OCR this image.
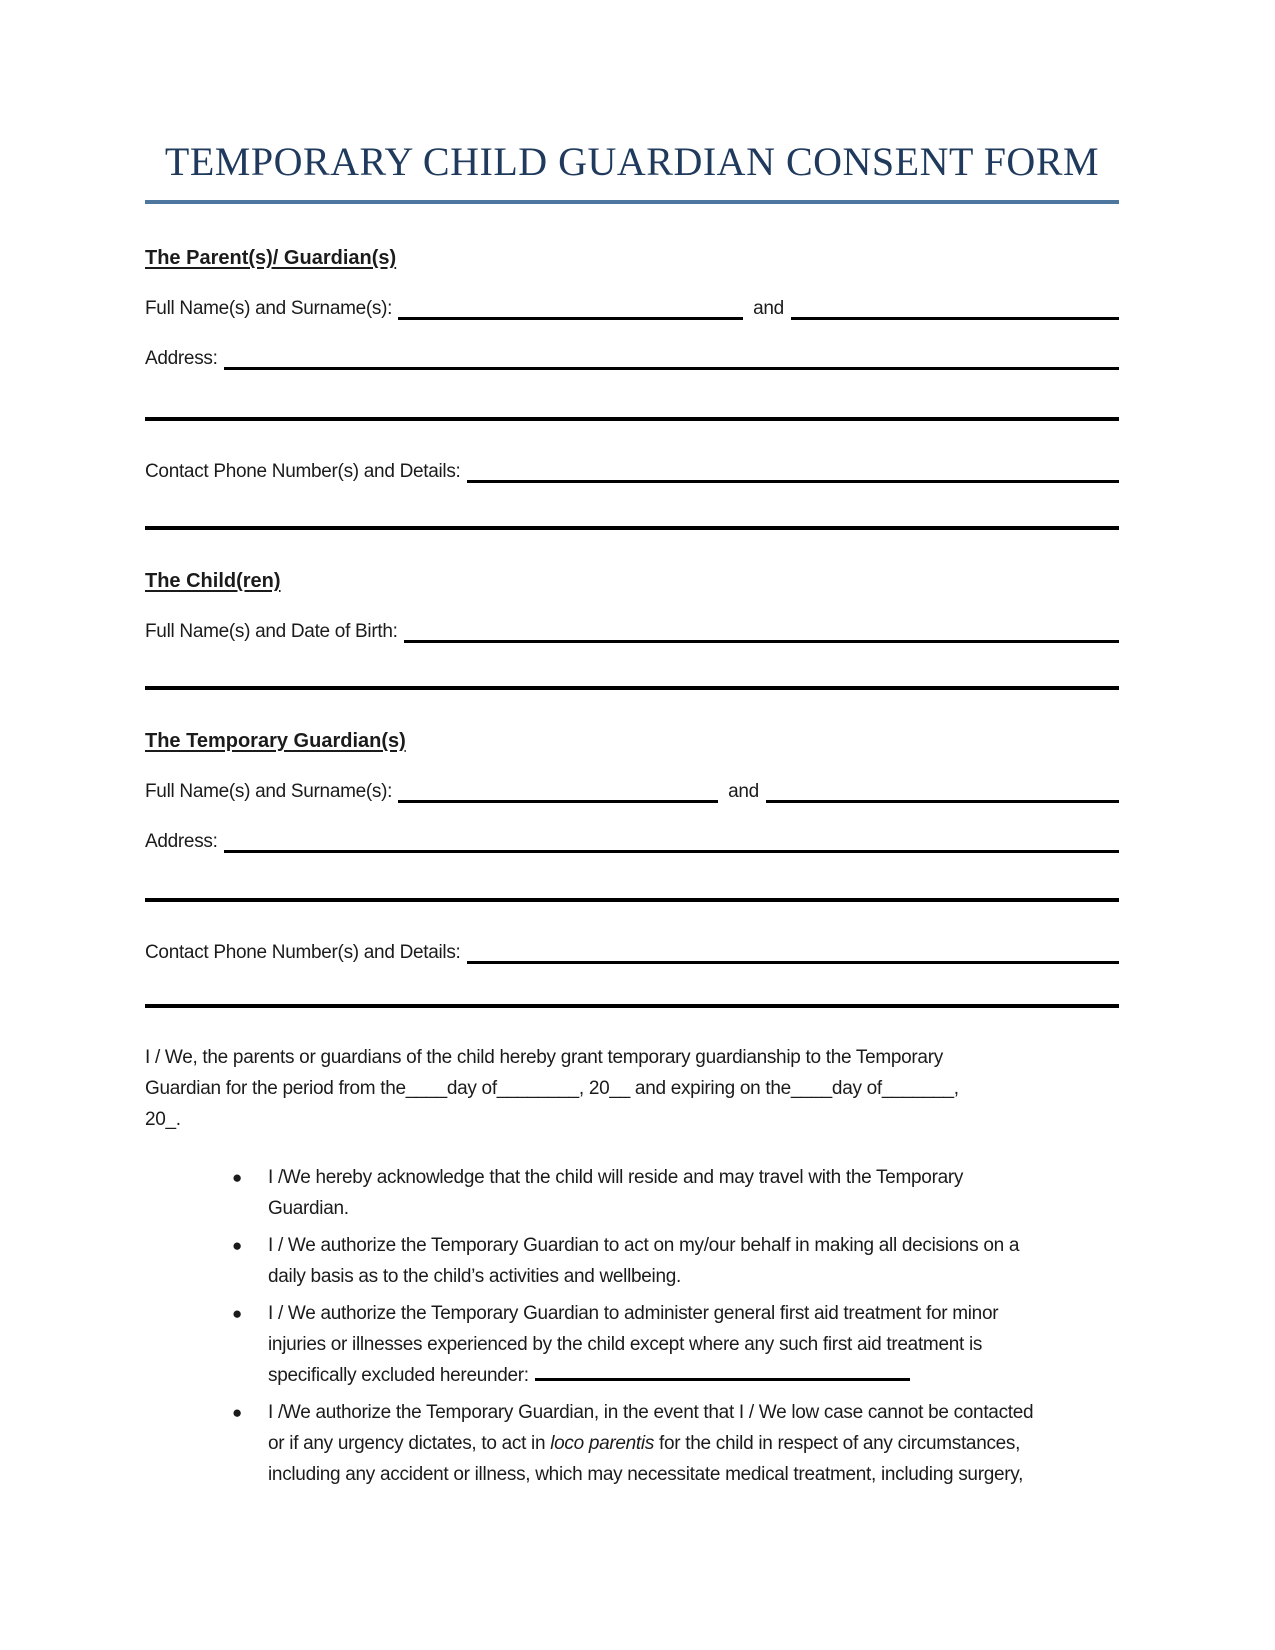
TEMPORARY CHILD GUARDIAN CONSENT FORM
The Parent(s)/ Guardian(s)
Full Name(s) and Surname(s):	and
Address:
Contact Phone Number(s) and Details:
The Child(ren)
Full Name(s) and Date of Birth:
The Temporary Guardian(s)
Full Name(s) and Surname(s):	and
Address:
Contact Phone Number(s) and Details:

I / We, the parents or guardians of the child hereby grant temporary guardianship to the Temporary
Guardian for the period from the____day of________, 20__ and expiring on the____day of_______,
20_.

● I /We hereby acknowledge that the child will reside and may travel with the Temporary
Guardian.
● I / We authorize the Temporary Guardian to act on my/our behalf in making all decisions on a
daily basis as to the child’s activities and wellbeing.
● I / We authorize the Temporary Guardian to administer general first aid treatment for minor
injuries or illnesses experienced by the child except where any such first aid treatment is
specifically excluded hereunder:
● I /We authorize the Temporary Guardian, in the event that I / We low case cannot be contacted
or if any urgency dictates, to act in loco parentis for the child in respect of any circumstances,
including any accident or illness, which may necessitate medical treatment, including surgery,
